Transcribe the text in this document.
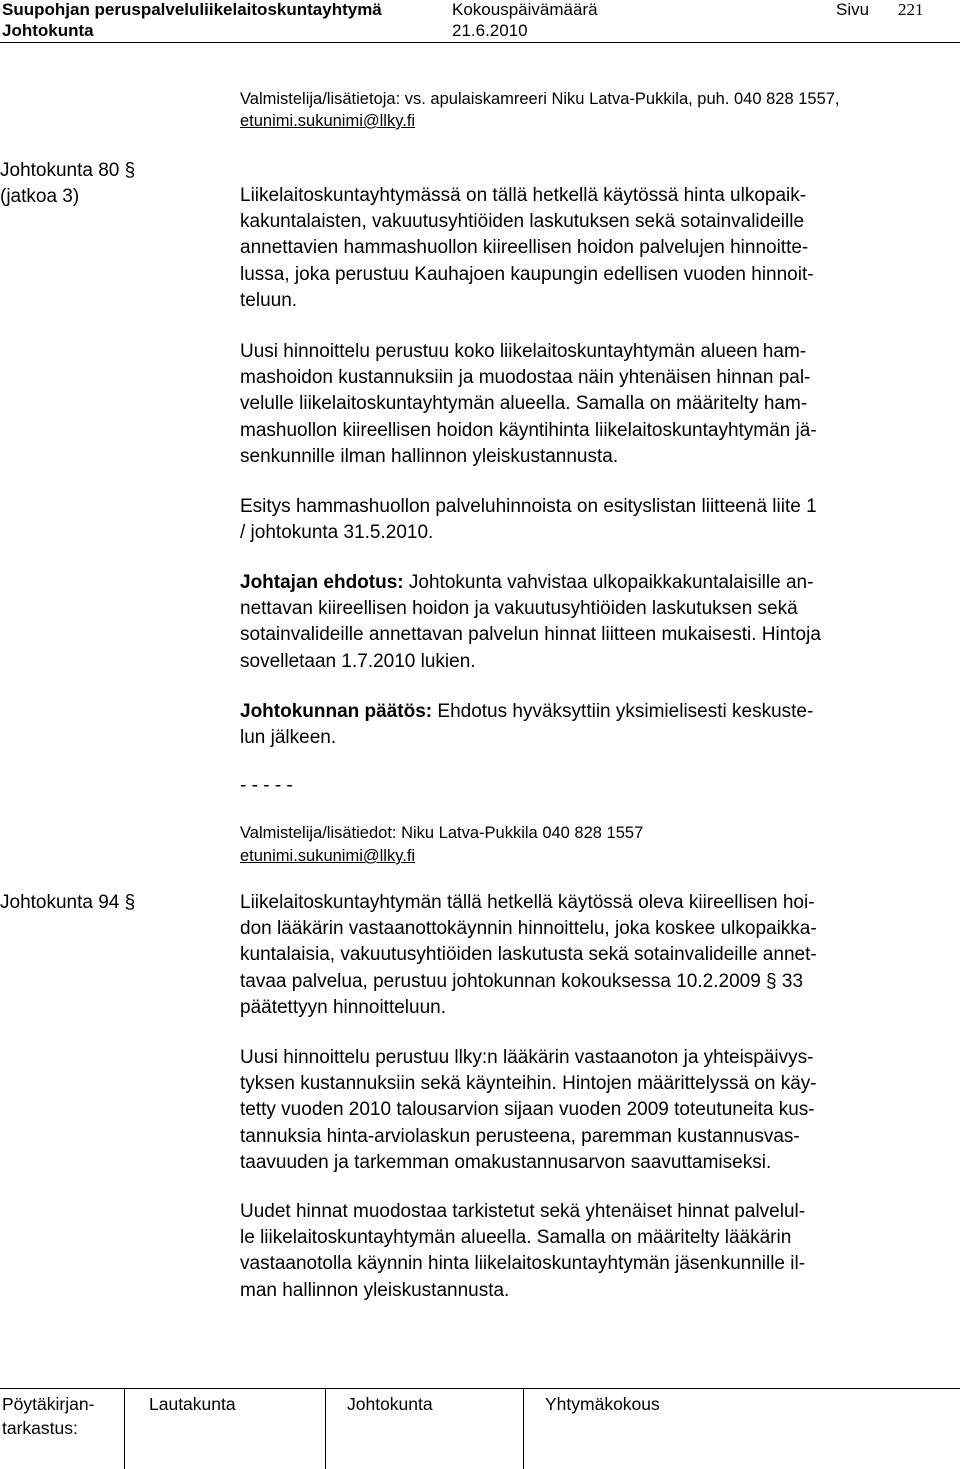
Suupohjan peruspalveluliikelaitoskuntayhtymä	Kokouspäivämäärä	Sivu 221
Johtokunta	21.6.2010
Valmistelija/lisätietoja: vs. apulaiskamreeri Niku Latva-Pukkila, puh. 040 828 1557,
etunimi.sukunimi@llky.fi
Johtokunta 80 §
(jatkoa 3)	Liikelaitoskuntayhtymässä on tällä hetkellä käytössä hinta ulkopaik-
kakuntalaisten, vakuutusyhtiöiden laskutuksen sekä sotainvalideille
annettavien hammashuollon kiireellisen hoidon palvelujen hinnoitte-
lussa, joka perustuu Kauhajoen kaupungin edellisen vuoden hinnoit-
teluun.
Uusi hinnoittelu perustuu koko liikelaitoskuntayhtymän alueen ham-
mashoidon kustannuksiin ja muodostaa näin yhtenäisen hinnan pal-
velulle liikelaitoskuntayhtymän alueella. Samalla on määritelty ham-
mashuollon kiireellisen hoidon käyntihinta liikelaitoskuntayhtymän jä-
senkunnille ilman hallinnon yleiskustannusta.
Esitys hammashuollon palveluhinnoista on esityslistan liitteenä liite 1
/ johtokunta 31.5.2010.
Johtajan ehdotus: Johtokunta vahvistaa ulkopaikkakuntalaisille an-
nettavan kiireellisen hoidon ja vakuutusyhtiöiden laskutuksen sekä
sotainvalideille annettavan palvelun hinnat liitteen mukaisesti. Hintoja
sovelletaan 1.7.2010 lukien.
Johtokunnan päätös: Ehdotus hyväksyttiin yksimielisesti keskuste-
lun jälkeen.
- - - - -
Valmistelija/lisätiedot: Niku Latva-Pukkila 040 828 1557
etunimi.sukunimi@llky.fi
Johtokunta 94 §	Liikelaitoskuntayhtymän tällä hetkellä käytössä oleva kiireellisen hoi-
don lääkärin vastaanottokäynnin hinnoittelu, joka koskee ulkopaikka-
kuntalaisia, vakuutusyhtiöiden laskutusta sekä sotainvalideille annet-
tavaa palvelua, perustuu johtokunnan kokouksessa 10.2.2009 § 33
päätettyyn hinnoitteluun.
Uusi hinnoittelu perustuu llky:n lääkärin vastaanoton ja yhteispäivys-
tyksen kustannuksiin sekä käynteihin. Hintojen määrittelyssä on käy-
tetty vuoden 2010 talousarvion sijaan vuoden 2009 toteutuneita kus-
tannuksia hinta-arviolaskun perusteena, paremman kustannusvas-
taavuuden ja tarkemman omakustannusarvon saavuttamiseksi.
Uudet hinnat muodostaa tarkistetut sekä yhtenäiset hinnat palvelul-
le liikelaitoskuntayhtymän alueella. Samalla on määritelty lääkärin
vastaanotolla käynnin hinta liikelaitoskuntayhtymän jäsenkunnille il-
man hallinnon yleiskustannusta.
Pöytäkirjan-
tarkastus:
Lautakunta	Johtokunta	Yhtymäkokous
